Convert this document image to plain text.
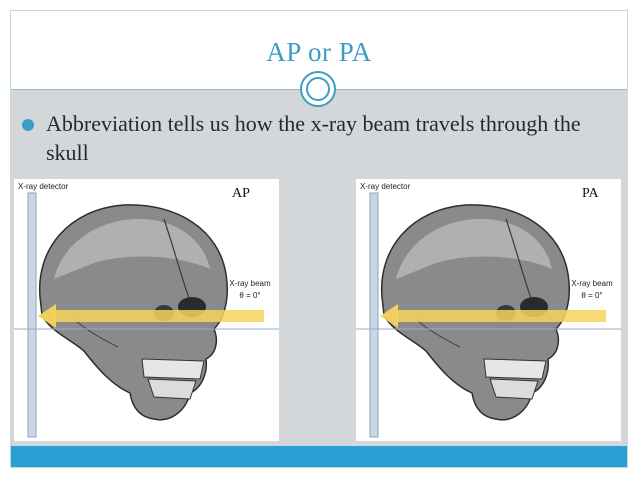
AP or PA
Abbreviation tells us how the x-ray beam travels through the skull
X-ray detector	AP
X-ray beam
θ = 0°
X-ray detector	PA
X-ray beam
θ = 0°
